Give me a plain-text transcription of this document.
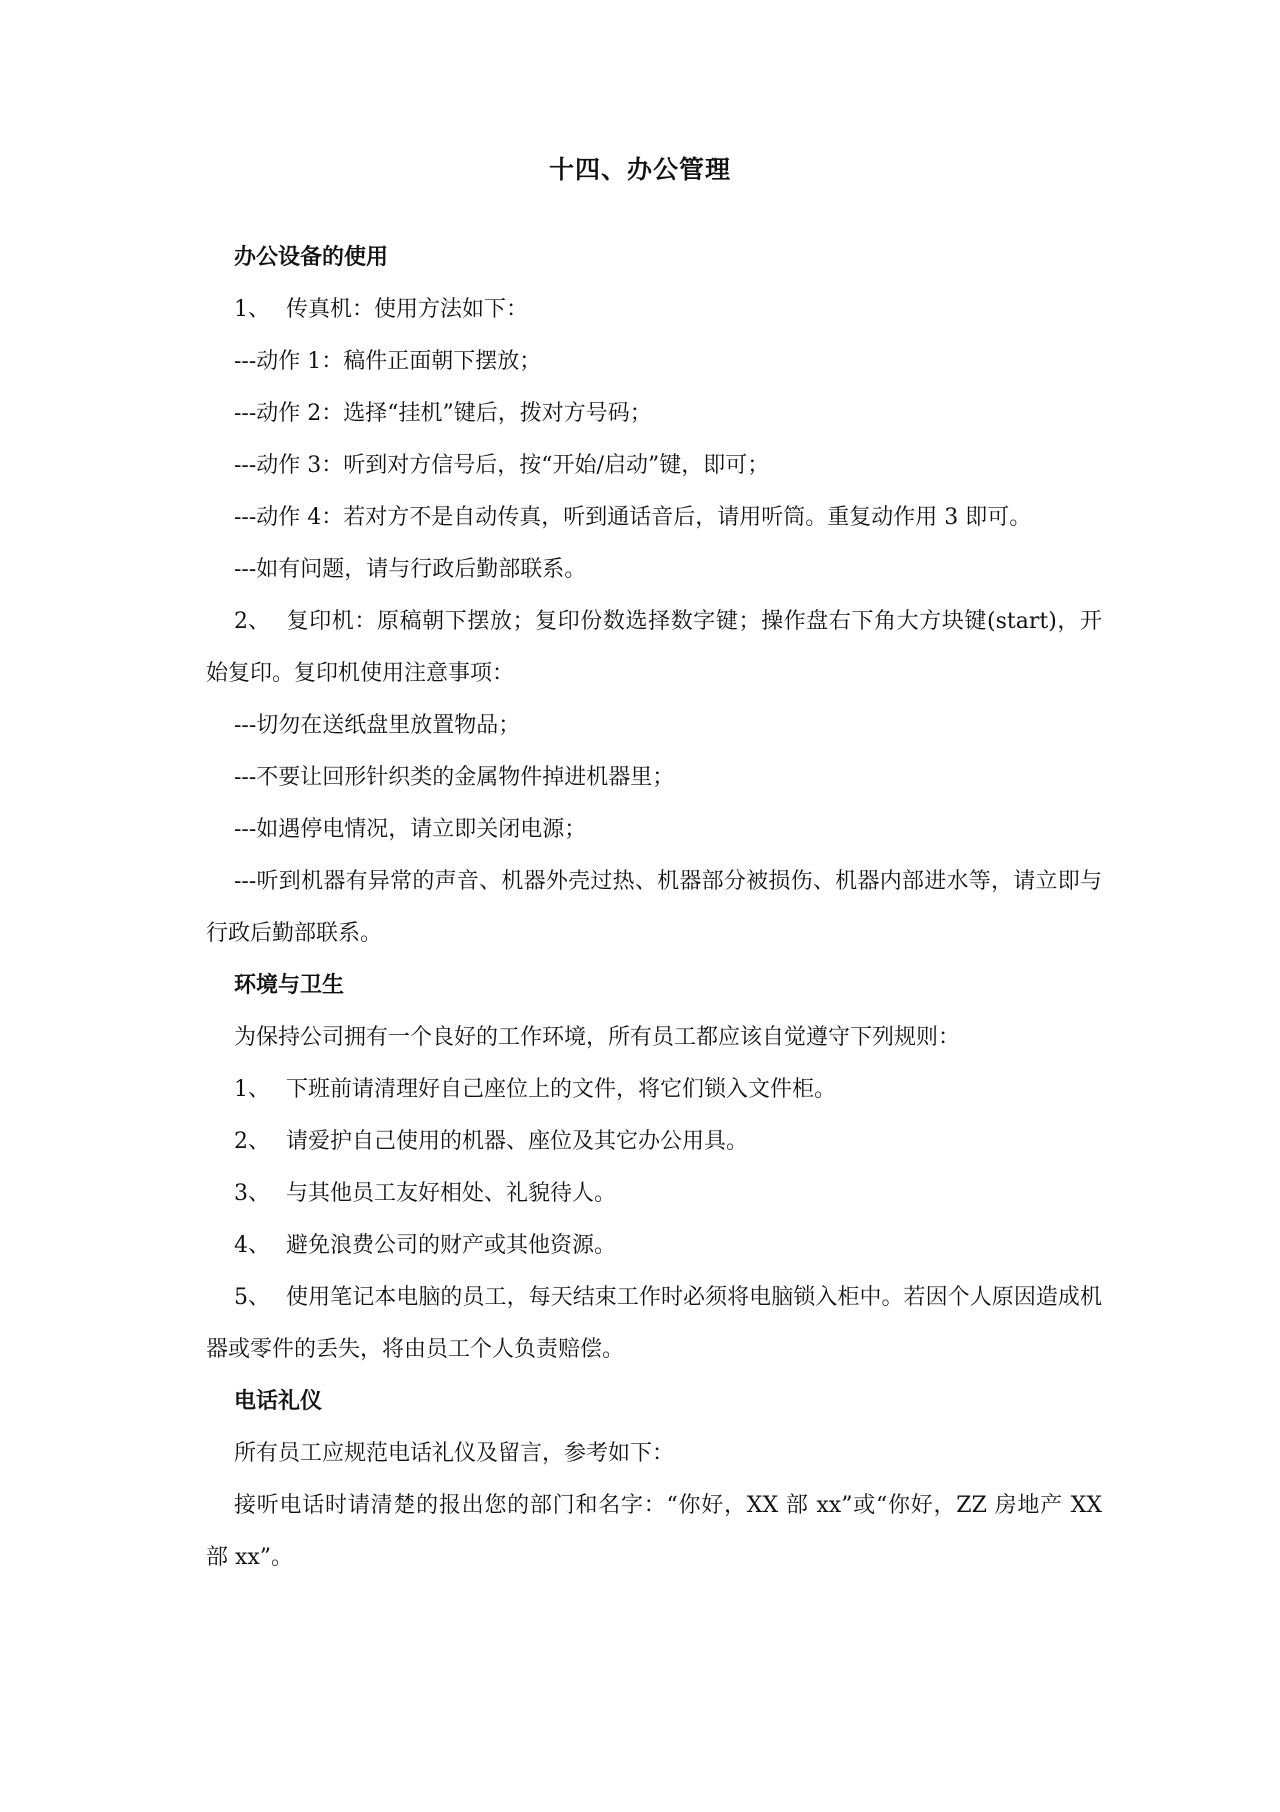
十四、办公管理
办公设备的使用

1、 传真机：使用方法如下：

---动作 1：稿件正面朝下摆放；

---动作 2：选择“挂机”键后，拨对方号码；

---动作 3：听到对方信号后，按“开始/启动”键，即可；

---动作 4：若对方不是自动传真，听到通话音后，请用听筒。重复动作用 3 即可。

---如有问题，请与行政后勤部联系。

2、 复印机：原稿朝下摆放；复印份数选择数字键；操作盘右下角大方块键(start)，开始复印。复印机使用注意事项：

---切勿在送纸盘里放置物品；

---不要让回形针织类的金属物件掉进机器里；

---如遇停电情况，请立即关闭电源；

---听到机器有异常的声音、机器外壳过热、机器部分被损伤、机器内部进水等，请立即与行政后勤部联系。

环境与卫生

为保持公司拥有一个良好的工作环境，所有员工都应该自觉遵守下列规则：

1、 下班前请清理好自己座位上的文件，将它们锁入文件柜。

2、 请爱护自己使用的机器、座位及其它办公用具。

3、 与其他员工友好相处、礼貌待人。

4、 避免浪费公司的财产或其他资源。

5、 使用笔记本电脑的员工，每天结束工作时必须将电脑锁入柜中。若因个人原因造成机器或零件的丢失，将由员工个人负责赔偿。

电话礼仪

所有员工应规范电话礼仪及留言，参考如下：

接听电话时请清楚的报出您的部门和名字：“你好，XX 部 xx”或“你好，ZZ 房地产 XX 部 xx”。
